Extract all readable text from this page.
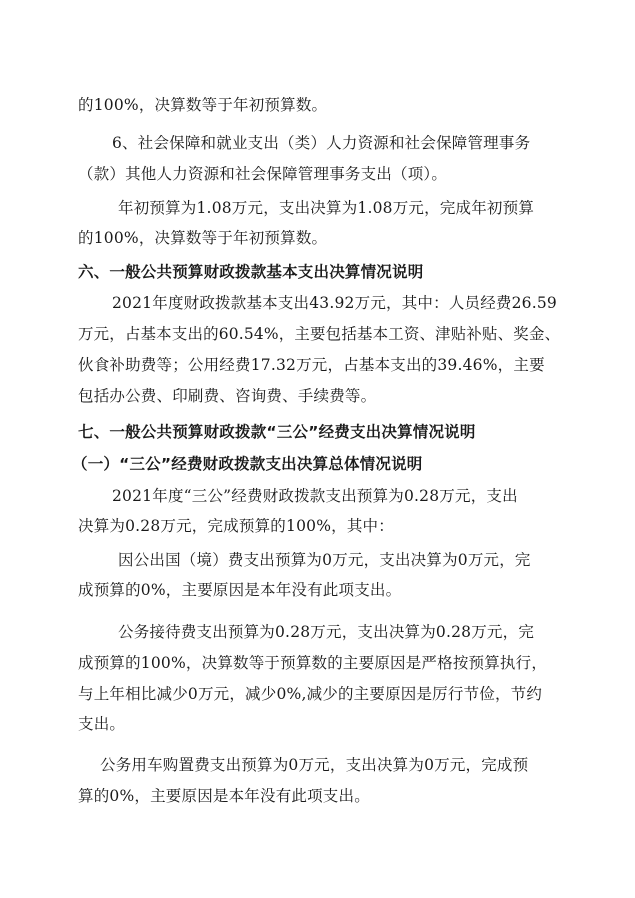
的100%，决算数等于年初预算数。
6、社会保障和就业支出（类）人力资源和社会保障管理事务
（款）其他人力资源和社会保障管理事务支出（项）。
年初预算为1.08万元，支出决算为1.08万元，完成年初预算
的100%，决算数等于年初预算数。
六、一般公共预算财政拨款基本支出决算情况说明
2021年度财政拨款基本支出43.92万元，其中：人员经费26.59
万元，占基本支出的60.54%，主要包括基本工资、津贴补贴、奖金、
伙食补助费等；公用经费17.32万元，占基本支出的39.46%，主要
包括办公费、印刷费、咨询费、手续费等。
七、一般公共预算财政拨款“三公”经费支出决算情况说明
（一）“三公”经费财政拨款支出决算总体情况说明
2021年度“三公”经费财政拨款支出预算为0.28万元，支出
决算为0.28万元，完成预算的100%，其中：
因公出国（境）费支出预算为0万元，支出决算为0万元，完
成预算的0%，主要原因是本年没有此项支出。
公务接待费支出预算为0.28万元，支出决算为0.28万元，完
成预算的100%，决算数等于预算数的主要原因是严格按预算执行，
与上年相比减少0万元，减少0%,减少的主要原因是厉行节俭，节约
支出。
公务用车购置费支出预算为0万元，支出决算为0万元，完成预
算的0%，主要原因是本年没有此项支出。
